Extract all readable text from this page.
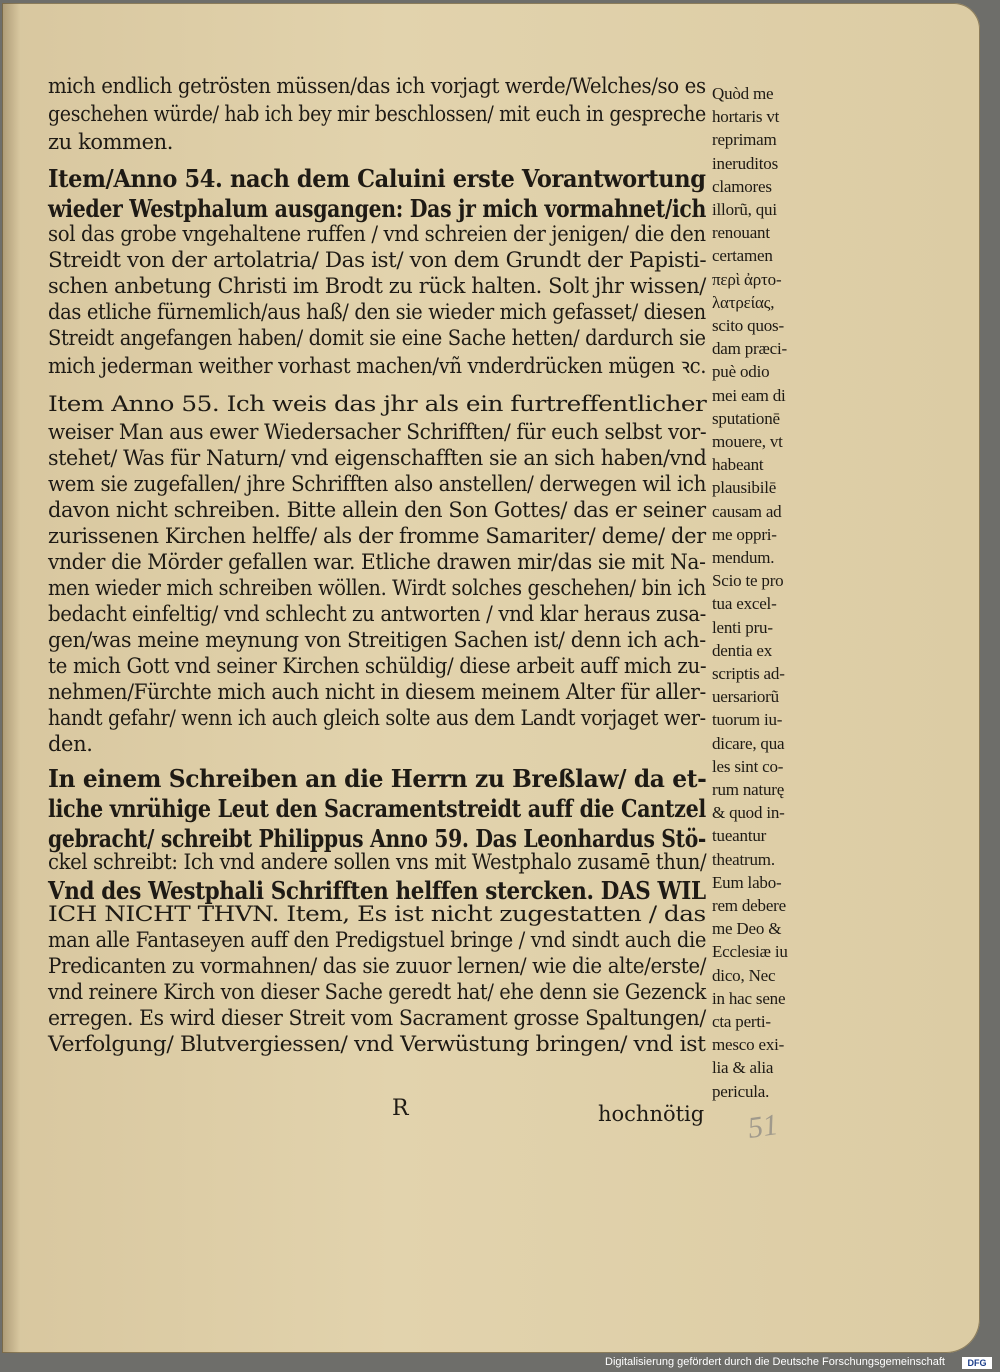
mich endlich getrösten müssen/das ich vorjagt werde/Welches/so es
geschehen würde/ hab ich bey mir beschlossen/ mit euch in gespreche
zu kommen.
Item/Anno 54. nach dem Caluini erste Vorantwortung
wieder Westphalum ausgangen: Das jr mich vormahnet/ich
sol das grobe vngehaltene ruffen / vnd schreien der jenigen/ die den
Streidt von der artolatria/ Das ist/ von dem Grundt der Papisti-
schen anbetung Christi im Brodt zu rück halten. Solt jhr wissen/
das etliche fürnemlich/aus haß/ den sie wieder mich gefasset/ diesen
Streidt angefangen haben/ domit sie eine Sache hetten/ dardurch sie
mich jederman weither vorhast machen/vñ vnderdrücken mügen ꝛc.
Item Anno 55. Ich weis das jhr als ein furtreffentlicher
weiser Man aus ewer Wiedersacher Schrifften/ für euch selbst vor-
stehet/ Was für Naturn/ vnd eigenschafften sie an sich haben/vnd
wem sie zugefallen/ jhre Schrifften also anstellen/ derwegen wil ich
davon nicht schreiben. Bitte allein den Son Gottes/ das er seiner
zurissenen Kirchen helffe/ als der fromme Samariter/ deme/ der
vnder die Mörder gefallen war. Etliche drawen mir/das sie mit Na-
men wieder mich schreiben wöllen. Wirdt solches geschehen/ bin ich
bedacht einfeltig/ vnd schlecht zu antworten / vnd klar heraus zusa-
gen/was meine meynung von Streitigen Sachen ist/ denn ich ach-
te mich Gott vnd seiner Kirchen schüldig/ diese arbeit auff mich zu-
nehmen/Fürchte mich auch nicht in diesem meinem Alter für aller-
handt gefahr/ wenn ich auch gleich solte aus dem Landt vorjaget wer-
den.
In einem Schreiben an die Herrn zu Breßlaw/ da et-
liche vnrühige Leut den Sacramentstreidt auff die Cantzel
gebracht/ schreibt Philippus Anno 59. Das Leonhardus Stö-
ckel schreibt: Ich vnd andere sollen vns mit Westphalo zusamē thun/
Vnd des Westphali Schrifften helffen stercken. DAS WIL
ICH NICHT THVN. Item, Es ist nicht zugestatten / das
man alle Fantaseyen auff den Predigstuel bringe / vnd sindt auch die
Predicanten zu vormahnen/ das sie zuuor lernen/ wie die alte/erste/
vnd reinere Kirch von dieser Sache geredt hat/ ehe denn sie Gezenck
erregen. Es wird dieser Streit vom Sacrament grosse Spaltungen/
Verfolgung/ Blutvergiessen/ vnd Verwüstung bringen/ vnd ist
Quòd me
hortaris vt
reprimam
ineruditos
clamores
illorũ, qui
renouant
certamen
περὶ ἀρτο-
λατρείας,
scito quos-
dam præci-
puè odio
mei eam di
sputationē
mouere, vt
habeant
plausibilē
causam ad
me oppri-
mendum.
Scio te pro
tua excel-
lenti pru-
dentia ex
scriptis ad-
uersariorũ
tuorum iu-
dicare, qua
les sint co-
rum naturę
& quod in-
tueantur
theatrum.
Eum labo-
rem debere
me Deo &
Ecclesiæ iu
dico, Nec
in hac sene
cta perti-
mesco exi-
lia & alia
pericula.
R	hochnötig 51
Digitalisierung gefördert durch die Deutsche Forschungsgemeinschaft	DFG
